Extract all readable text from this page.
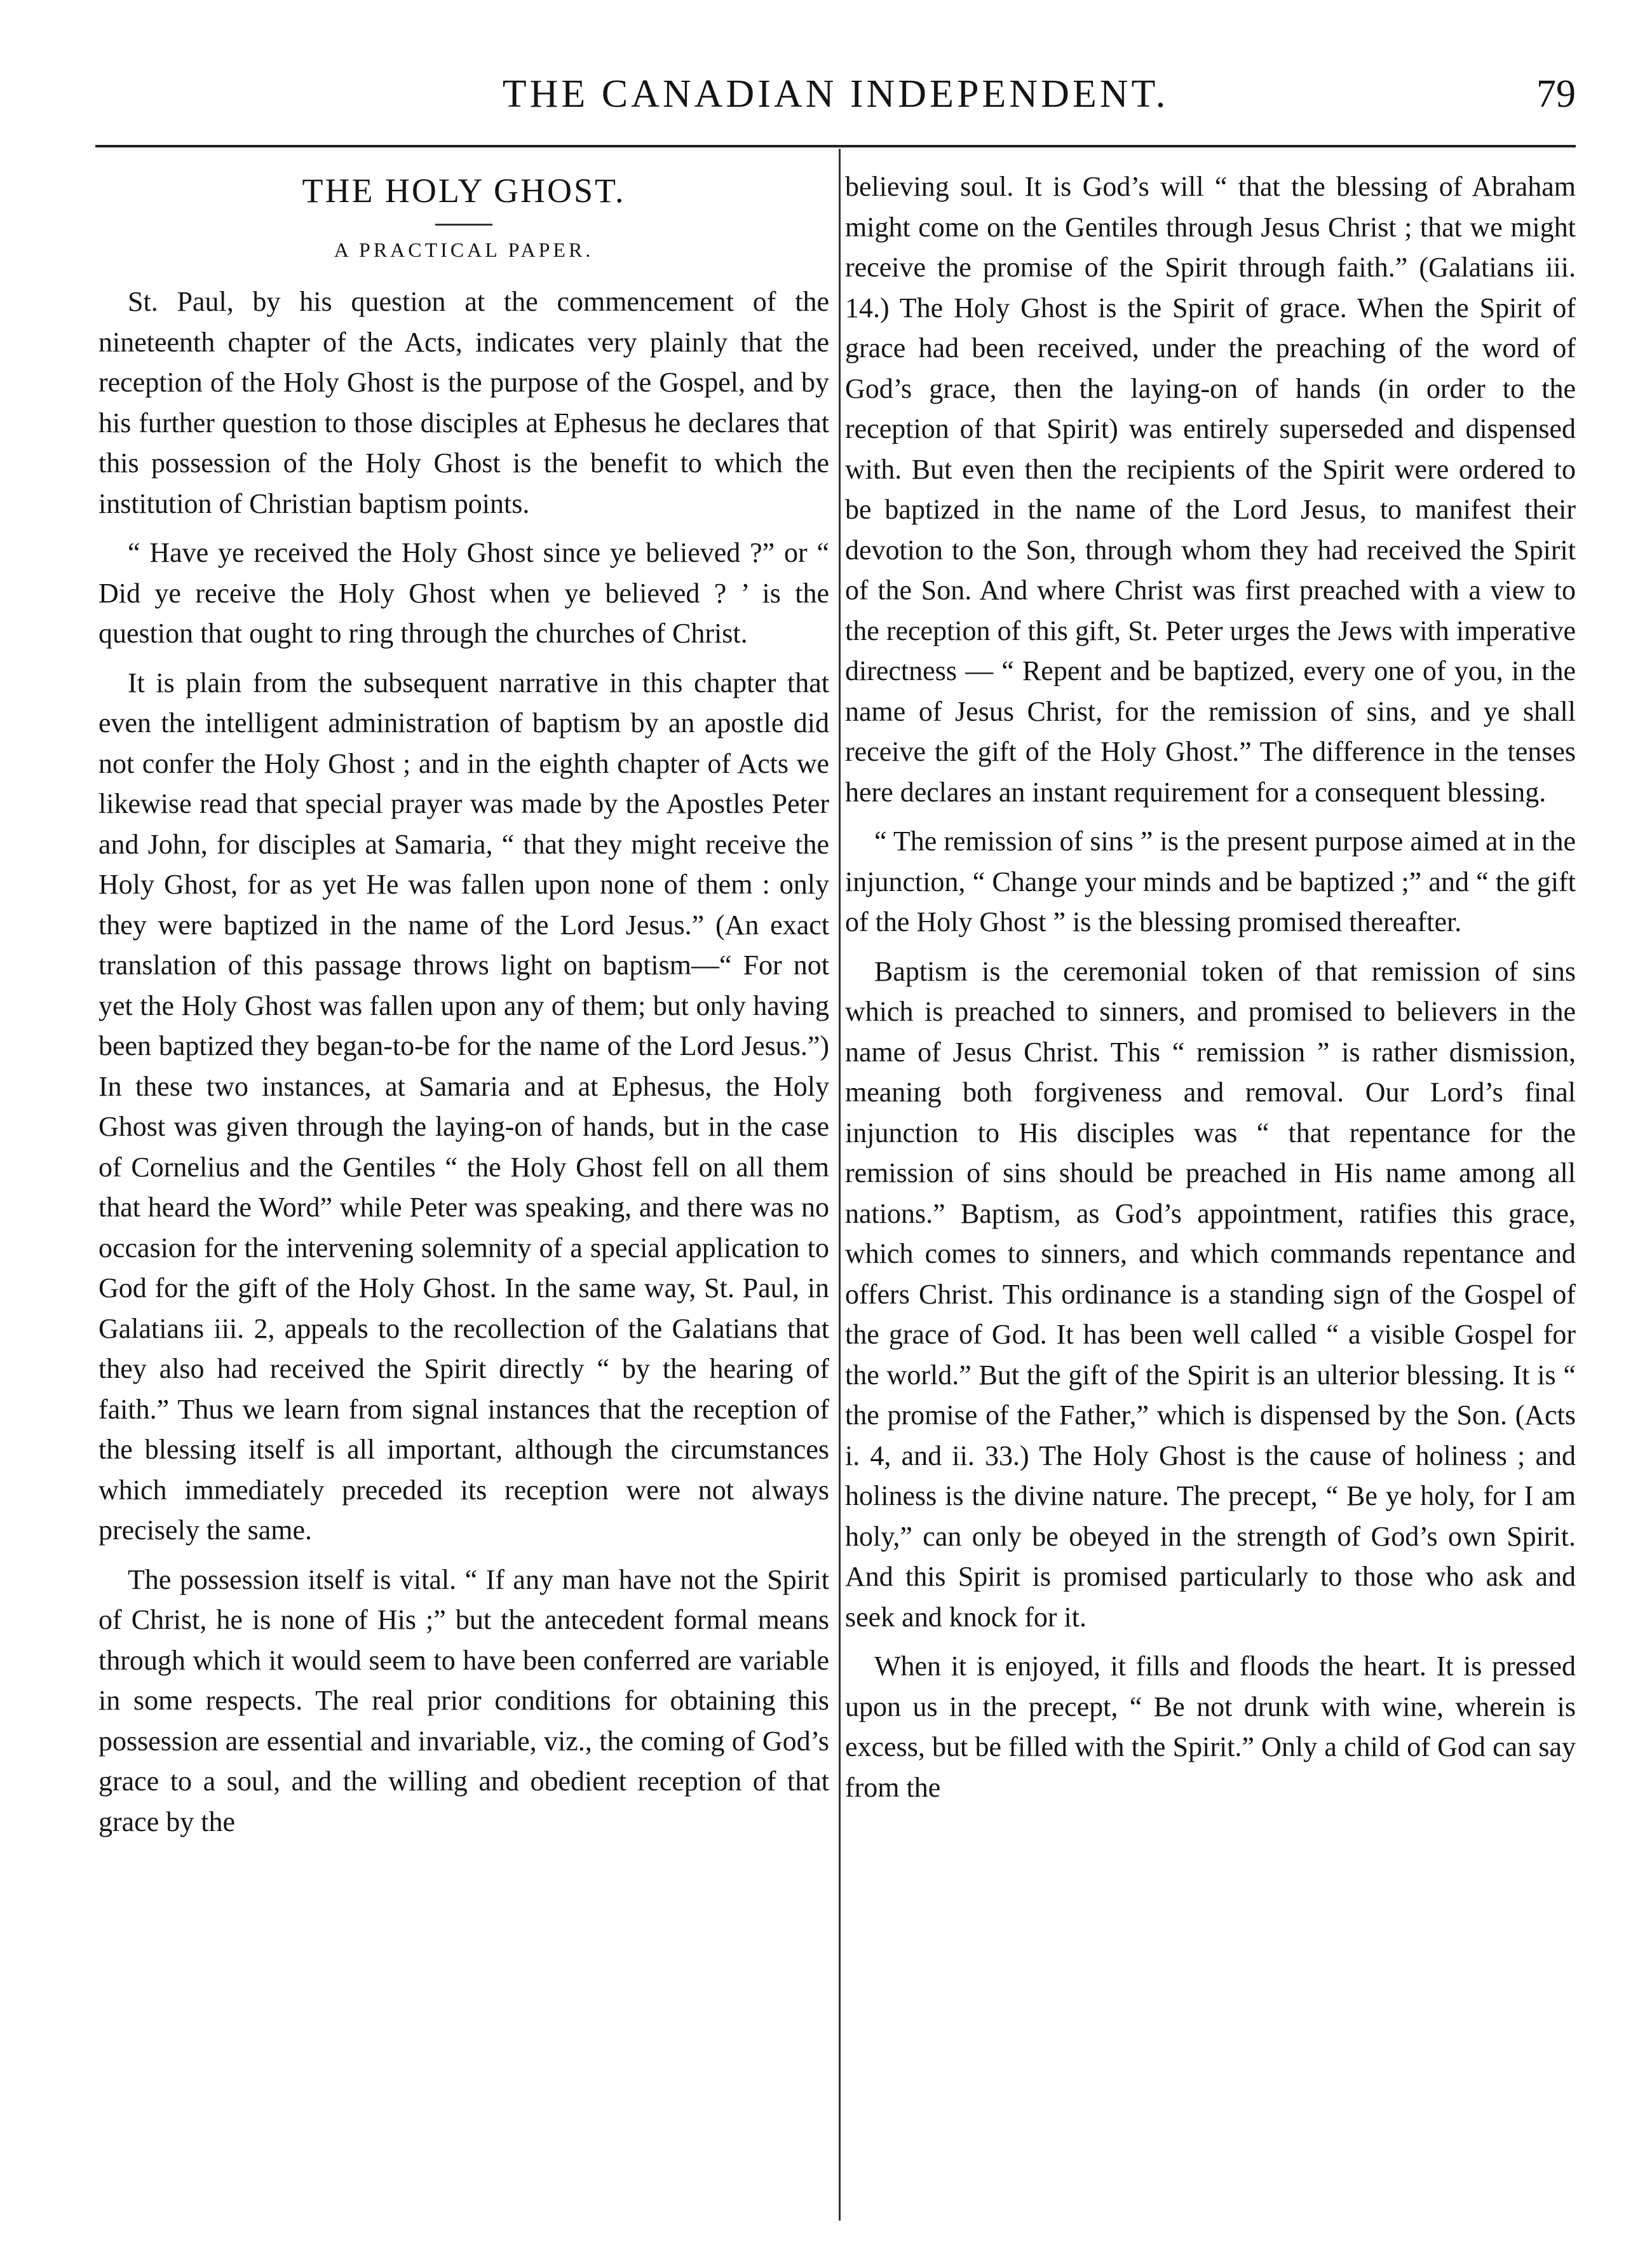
THE CANADIAN INDEPENDENT.	79
THE HOLY GHOST.
A PRACTICAL PAPER.

St. Paul, by his question at the commencement of the nineteenth chapter of the Acts, indicates very plainly that the reception of the Holy Ghost is the purpose of the Gospel, and by his further question to those disciples at Ephesus he declares that this possession of the Holy Ghost is the benefit to which the institution of Christian baptism points.

“ Have ye received the Holy Ghost since ye believed ?” or “ Did ye receive the Holy Ghost when ye believed ? ’ is the question that ought to ring through the churches of Christ.

It is plain from the subsequent narrative in this chapter that even the intelligent administration of baptism by an apostle did not confer the Holy Ghost ; and in the eighth chapter of Acts we likewise read that special prayer was made by the Apostles Peter and John, for disciples at Samaria, “ that they might receive the Holy Ghost, for as yet He was fallen upon none of them : only they were baptized in the name of the Lord Jesus.” (An exact translation of this passage throws light on baptism—“ For not yet the Holy Ghost was fallen upon any of them; but only having been baptized they began-to-be for the name of the Lord Jesus.”) In these two instances, at Samaria and at Ephesus, the Holy Ghost was given through the laying-on of hands, but in the case of Cornelius and the Gentiles “ the Holy Ghost fell on all them that heard the Word” while Peter was speaking, and there was no occasion for the intervening solemnity of a special application to God for the gift of the Holy Ghost. In the same way, St. Paul, in Galatians iii. 2, appeals to the recollection of the Galatians that they also had received the Spirit directly “ by the hearing of faith.” Thus we learn from signal instances that the reception of the blessing itself is all important, although the circumstances which immediately preceded its reception were not always precisely the same.

The possession itself is vital. “ If any man have not the Spirit of Christ, he is none of His ;” but the antecedent formal means through which it would seem to have been conferred are variable in some respects. The real prior conditions for obtaining this possession are essential and invariable, viz., the coming of God’s grace to a soul, and the willing and obedient reception of that grace by the

believing soul. It is God’s will “ that the blessing of Abraham might come on the Gentiles through Jesus Christ ; that we might receive the promise of the Spirit through faith.” (Galatians iii. 14.) The Holy Ghost is the Spirit of grace. When the Spirit of grace had been received, under the preaching of the word of God’s grace, then the laying-on of hands (in order to the reception of that Spirit) was entirely superseded and dispensed with. But even then the recipients of the Spirit were ordered to be baptized in the name of the Lord Jesus, to manifest their devotion to the Son, through whom they had received the Spirit of the Son. And where Christ was first preached with a view to the reception of this gift, St. Peter urges the Jews with imperative directness — “ Repent and be baptized, every one of you, in the name of Jesus Christ, for the remission of sins, and ye shall receive the gift of the Holy Ghost.” The difference in the tenses here declares an instant requirement for a consequent blessing.

“ The remission of sins ” is the present purpose aimed at in the injunction, “ Change your minds and be baptized ;” and “ the gift of the Holy Ghost ” is the blessing promised thereafter.

Baptism is the ceremonial token of that remission of sins which is preached to sinners, and promised to believers in the name of Jesus Christ. This “ remission ” is rather dismission, meaning both forgiveness and removal. Our Lord’s final injunction to His disciples was “ that repentance for the remission of sins should be preached in His name among all nations.” Baptism, as God’s appointment, ratifies this grace, which comes to sinners, and which commands repentance and offers Christ. This ordinance is a standing sign of the Gospel of the grace of God. It has been well called “ a visible Gospel for the world.” But the gift of the Spirit is an ulterior blessing. It is “ the promise of the Father,” which is dispensed by the Son. (Acts i. 4, and ii. 33.) The Holy Ghost is the cause of holiness ; and holiness is the divine nature. The precept, “ Be ye holy, for I am holy,” can only be obeyed in the strength of God’s own Spirit. And this Spirit is promised particularly to those who ask and seek and knock for it.

When it is enjoyed, it fills and floods the heart. It is pressed upon us in the precept, “ Be not drunk with wine, wherein is excess, but be filled with the Spirit.” Only a child of God can say from the
